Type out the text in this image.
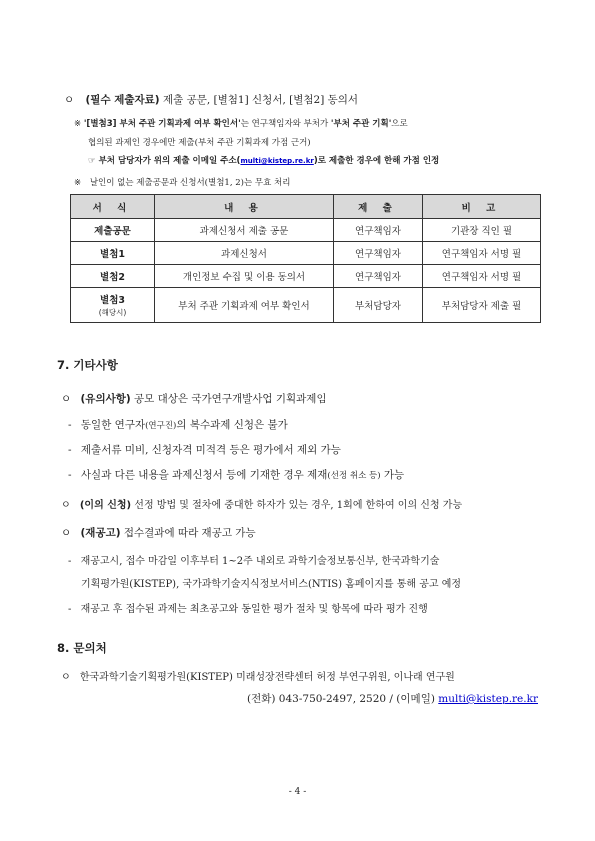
ㅇ (필수 제출자료) 제출 공문, [별첨1] 신청서, [별첨2] 동의서
※ '[별첨3] 부처 주관 기획과제 여부 확인서'는 연구책임자와 부처가 '부처 주관 기획'으로
협의된 과제인 경우에만 제출(부처 주관 기획과제 가점 근거)
☞ 부처 담당자가 위의 제출 이메일 주소(multi@kistep.re.kr)로 제출한 경우에 한해 가점 인정
※ 날인이 없는 제출공문과 신청서(별첨1, 2)는 무효 처리
서 식	내 용	제 출	비 고
제출공문	과제신청서 제출 공문	연구책임자	기관장 직인 필
별첨1	과제신청서	연구책임자	연구책임자 서명 필
별첨2	개인정보 수집 및 이용 동의서	연구책임자	연구책임자 서명 필
별첨3
(해당시)	부처 주관 기획과제 여부 확인서	부처담당자	부처담당자 제출 필
7. 기타사항
ㅇ (유의사항) 공모 대상은 국가연구개발사업 기획과제임
- 동일한 연구자(연구진)의 복수과제 신청은 불가
- 제출서류 미비, 신청자격 미적격 등은 평가에서 제외 가능
- 사실과 다른 내용을 과제신청서 등에 기재한 경우 제재(선정 취소 등) 가능
ㅇ (이의 신청) 선정 방법 및 절차에 중대한 하자가 있는 경우, 1회에 한하여 이의 신청 가능
ㅇ (재공고) 접수결과에 따라 재공고 가능
- 재공고시, 접수 마감일 이후부터 1~2주 내외로 과학기술정보통신부, 한국과학기술
기획평가원(KISTEP), 국가과학기술지식정보서비스(NTIS) 홈페이지를 통해 공고 예정
- 재공고 후 접수된 과제는 최초공고와 동일한 평가 절차 및 항목에 따라 평가 진행
8. 문의처
ㅇ 한국과학기술기획평가원(KISTEP) 미래성장전략센터 허정 부연구위원, 이나래 연구원
(전화) 043-750-2497, 2520 / (이메일) multi@kistep.re.kr
- 4 -
